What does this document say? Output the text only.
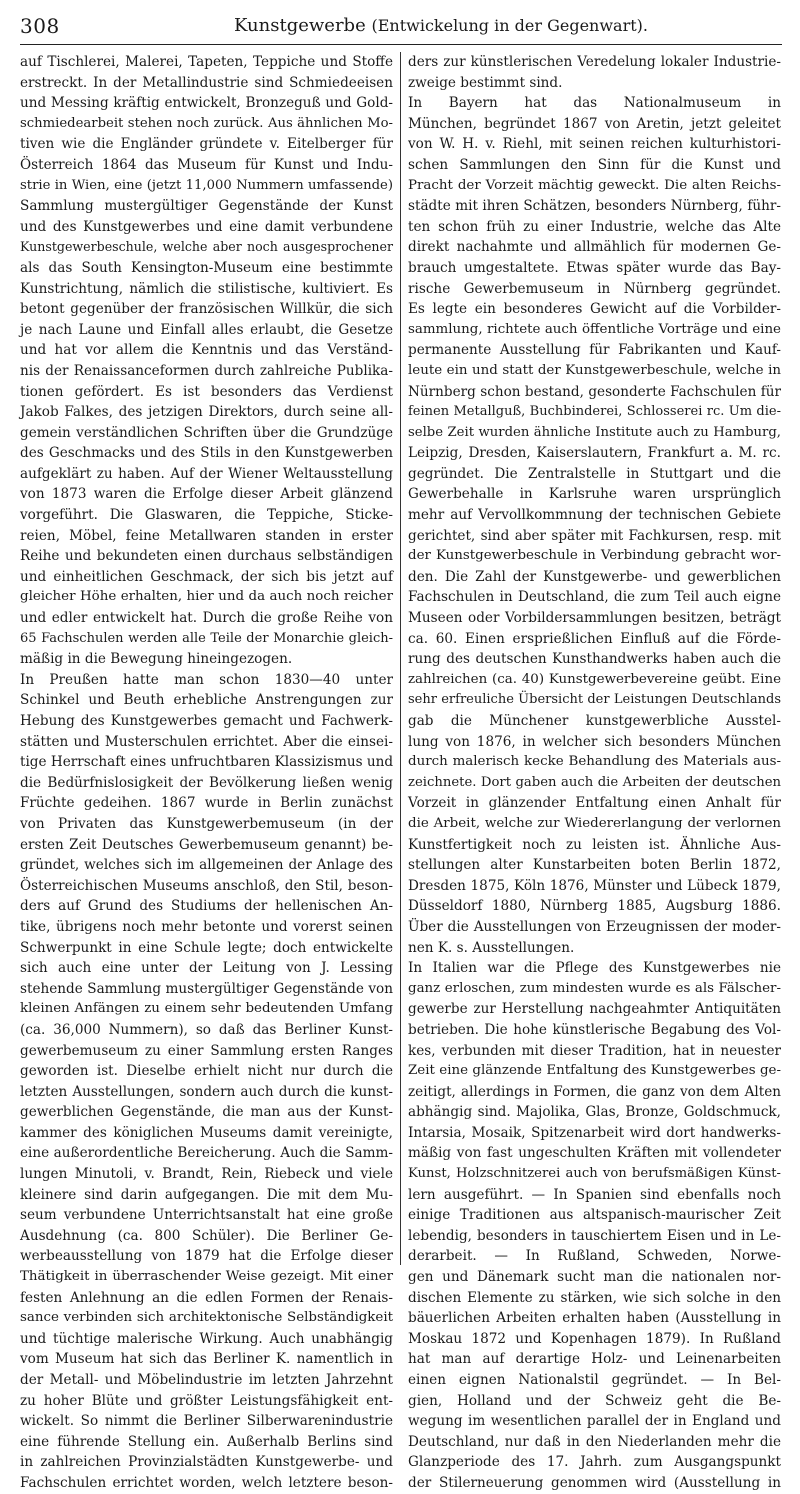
308	Kunstgewerbe (Entwickelung in der Gegenwart).
auf Tischlerei, Malerei, Tapeten, Teppiche und Stoffe
erstreckt. In der Metallindustrie sind Schmiedeeisen
und Messing kräftig entwickelt, Bronzeguß und Gold-
schmiedearbeit stehen noch zurück. Aus ähnlichen Mo-
tiven wie die Engländer gründete v. Eitelberger für
Österreich 1864 das Museum für Kunst und Indu-
strie in Wien, eine (jetzt 11,000 Nummern umfassende)
Sammlung mustergültiger Gegenstände der Kunst
und des Kunstgewerbes und eine damit verbundene
Kunstgewerbeschule, welche aber noch ausgesprochener
als das South Kensington-Museum eine bestimmte
Kunstrichtung, nämlich die stilistische, kultiviert. Es
betont gegenüber der französischen Willkür, die sich
je nach Laune und Einfall alles erlaubt, die Gesetze
und hat vor allem die Kenntnis und das Verständ-
nis der Renaissanceformen durch zahlreiche Publika-
tionen gefördert. Es ist besonders das Verdienst
Jakob Falkes, des jetzigen Direktors, durch seine all-
gemein verständlichen Schriften über die Grundzüge
des Geschmacks und des Stils in den Kunstgewerben
aufgeklärt zu haben. Auf der Wiener Weltausstellung
von 1873 waren die Erfolge dieser Arbeit glänzend
vorgeführt. Die Glaswaren, die Teppiche, Sticke-
reien, Möbel, feine Metallwaren standen in erster
Reihe und bekundeten einen durchaus selbständigen
und einheitlichen Geschmack, der sich bis jetzt auf
gleicher Höhe erhalten, hier und da auch noch reicher
und edler entwickelt hat. Durch die große Reihe von
65 Fachschulen werden alle Teile der Monarchie gleich-
mäßig in die Bewegung hineingezogen.
In Preußen hatte man schon 1830—40 unter
Schinkel und Beuth erhebliche Anstrengungen zur
Hebung des Kunstgewerbes gemacht und Fachwerk-
stätten und Musterschulen errichtet. Aber die einsei-
tige Herrschaft eines unfruchtbaren Klassizismus und
die Bedürfnislosigkeit der Bevölkerung ließen wenig
Früchte gedeihen. 1867 wurde in Berlin zunächst
von Privaten das Kunstgewerbemuseum (in der
ersten Zeit Deutsches Gewerbemuseum genannt) be-
gründet, welches sich im allgemeinen der Anlage des
Österreichischen Museums anschloß, den Stil, beson-
ders auf Grund des Studiums der hellenischen An-
tike, übrigens noch mehr betonte und vorerst seinen
Schwerpunkt in eine Schule legte; doch entwickelte
sich auch eine unter der Leitung von J. Lessing
stehende Sammlung mustergültiger Gegenstände von
kleinen Anfängen zu einem sehr bedeutenden Umfang
(ca. 36,000 Nummern), so daß das Berliner Kunst-
gewerbemuseum zu einer Sammlung ersten Ranges
geworden ist. Dieselbe erhielt nicht nur durch die
letzten Ausstellungen, sondern auch durch die kunst-
gewerblichen Gegenstände, die man aus der Kunst-
kammer des königlichen Museums damit vereinigte,
eine außerordentliche Bereicherung. Auch die Samm-
lungen Minutoli, v. Brandt, Rein, Riebeck und viele
kleinere sind darin aufgegangen. Die mit dem Mu-
seum verbundene Unterrichtsanstalt hat eine große
Ausdehnung (ca. 800 Schüler). Die Berliner Ge-
werbeausstellung von 1879 hat die Erfolge dieser
Thätigkeit in überraschender Weise gezeigt. Mit einer
festen Anlehnung an die edlen Formen der Renais-
sance verbinden sich architektonische Selbständigkeit
und tüchtige malerische Wirkung. Auch unabhängig
vom Museum hat sich das Berliner K. namentlich in
der Metall- und Möbelindustrie im letzten Jahrzehnt
zu hoher Blüte und größter Leistungsfähigkeit ent-
wickelt. So nimmt die Berliner Silberwarenindustrie
eine führende Stellung ein. Außerhalb Berlins sind
in zahlreichen Provinzialstädten Kunstgewerbe- und
Fachschulen errichtet worden, welch letztere beson-
ders zur künstlerischen Veredelung lokaler Industrie-
zweige bestimmt sind.
In Bayern hat das Nationalmuseum in
München, begründet 1867 von Aretin, jetzt geleitet
von W. H. v. Riehl, mit seinen reichen kulturhistori-
schen Sammlungen den Sinn für die Kunst und
Pracht der Vorzeit mächtig geweckt. Die alten Reichs-
städte mit ihren Schätzen, besonders Nürnberg, führ-
ten schon früh zu einer Industrie, welche das Alte
direkt nachahmte und allmählich für modernen Ge-
brauch umgestaltete. Etwas später wurde das Bay-
rische Gewerbemuseum in Nürnberg gegründet.
Es legte ein besonderes Gewicht auf die Vorbilder-
sammlung, richtete auch öffentliche Vorträge und eine
permanente Ausstellung für Fabrikanten und Kauf-
leute ein und statt der Kunstgewerbeschule, welche in
Nürnberg schon bestand, gesonderte Fachschulen für
feinen Metallguß, Buchbinderei, Schlosserei rc. Um die-
selbe Zeit wurden ähnliche Institute auch zu Hamburg,
Leipzig, Dresden, Kaiserslautern, Frankfurt a. M. rc.
gegründet. Die Zentralstelle in Stuttgart und die
Gewerbehalle in Karlsruhe waren ursprünglich
mehr auf Vervollkommnung der technischen Gebiete
gerichtet, sind aber später mit Fachkursen, resp. mit
der Kunstgewerbeschule in Verbindung gebracht wor-
den. Die Zahl der Kunstgewerbe- und gewerblichen
Fachschulen in Deutschland, die zum Teil auch eigne
Museen oder Vorbildersammlungen besitzen, beträgt
ca. 60. Einen ersprießlichen Einfluß auf die Förde-
rung des deutschen Kunsthandwerks haben auch die
zahlreichen (ca. 40) Kunstgewerbevereine geübt. Eine
sehr erfreuliche Übersicht der Leistungen Deutschlands
gab die Münchener kunstgewerbliche Ausstel-
lung von 1876, in welcher sich besonders München
durch malerisch keckе Behandlung des Materials aus-
zeichnete. Dort gaben auch die Arbeiten der deutschen
Vorzeit in glänzender Entfaltung einen Anhalt für
die Arbeit, welche zur Wiedererlangung der verlornen
Kunstfertigkeit noch zu leisten ist. Ähnliche Aus-
stellungen alter Kunstarbeiten boten Berlin 1872,
Dresden 1875, Köln 1876, Münster und Lübeck 1879,
Düsseldorf 1880, Nürnberg 1885, Augsburg 1886.
Über die Ausstellungen von Erzeugnissen der moder-
nen K. s. Ausstellungen.
In Italien war die Pflege des Kunstgewerbes nie
ganz erloschen, zum mindesten wurde es als Fälscher-
gewerbe zur Herstellung nachgeahmter Antiquitäten
betrieben. Die hohe künstlerische Begabung des Vol-
kes, verbunden mit dieser Tradition, hat in neuester
Zeit eine glänzende Entfaltung des Kunstgewerbes ge-
zeitigt, allerdings in Formen, die ganz von dem Alten
abhängig sind. Majolika, Glas, Bronze, Goldschmuck,
Intarsia, Mosaik, Spitzenarbeit wird dort handwerks-
mäßig von fast ungeschulten Kräften mit vollendeter
Kunst, Holzschnitzerei auch von berufsmäßigen Künst-
lern ausgeführt. — In Spanien sind ebenfalls noch
einige Traditionen aus altspanisch-maurischer Zeit
lebendig, besonders in tauschiertem Eisen und in Le-
derarbeit. — In Rußland, Schweden, Norwe-
gen und Dänemark sucht man die nationalen nor-
dischen Elemente zu stärken, wie sich solche in den
bäuerlichen Arbeiten erhalten haben (Ausstellung in
Moskau 1872 und Kopenhagen 1879). In Rußland
hat man auf derartige Holz- und Leinenarbeiten
einen eignen Nationalstil gegründet. — In Bel-
gien, Holland und der Schweiz geht die Be-
wegung im wesentlichen parallel der in England und
Deutschland, nur daß in den Niederlanden mehr die
Glanzperiode des 17. Jahrh. zum Ausgangspunkt
der Stilerneuerung genommen wird (Ausstellung in
